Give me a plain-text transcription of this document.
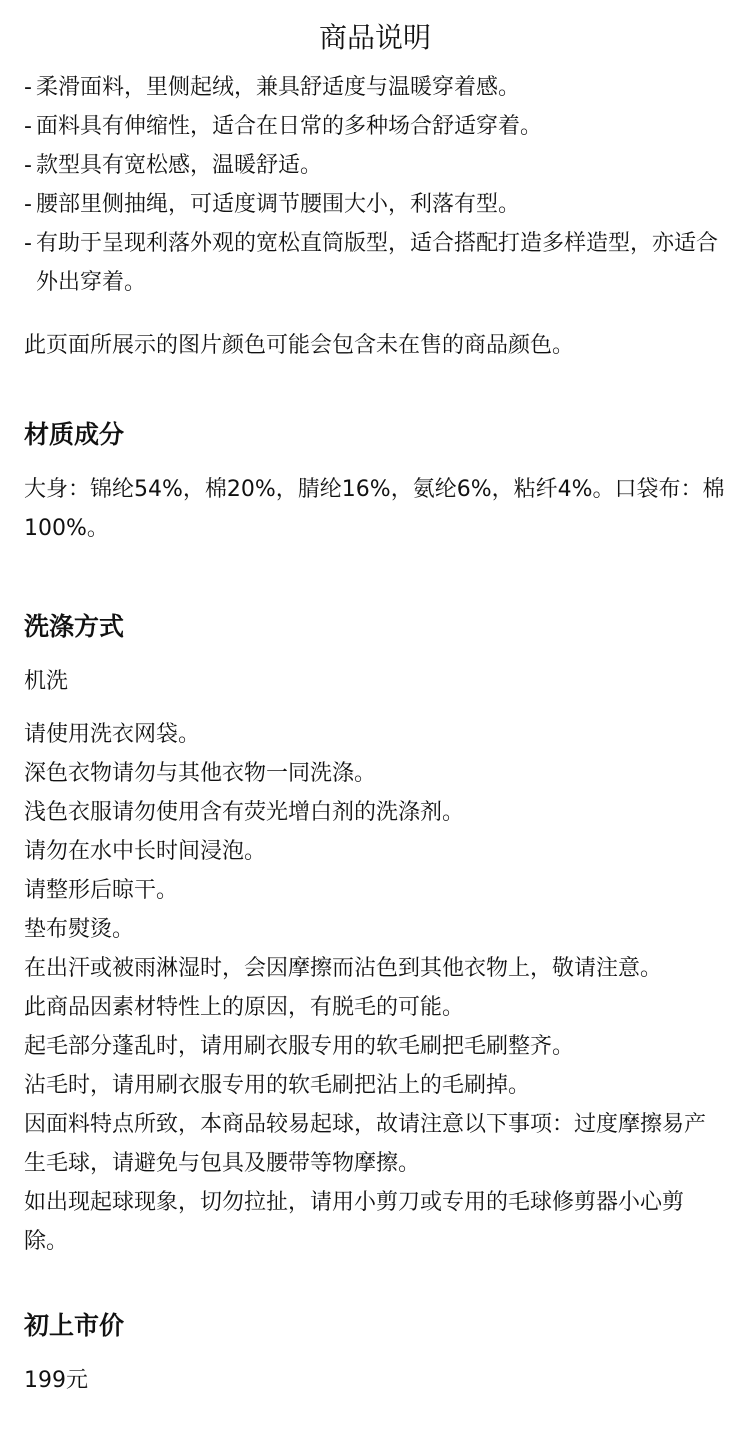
商品说明
- 柔滑面料，里侧起绒，兼具舒适度与温暖穿着感。
- 面料具有伸缩性，适合在日常的多种场合舒适穿着。
- 款型具有宽松感，温暖舒适。
- 腰部里侧抽绳，可适度调节腰围大小，利落有型。
- 有助于呈现利落外观的宽松直筒版型，适合搭配打造多样造型，亦适合外出穿着。

此页面所展示的图片颜色可能会包含未在售的商品颜色。

材质成分

大身：锦纶54%，棉20%，腈纶16%，氨纶6%，粘纤4%。口袋布：棉100%。

洗涤方式

机洗

请使用洗衣网袋。

深色衣物请勿与其他衣物一同洗涤。

浅色衣服请勿使用含有荧光增白剂的洗涤剂。

请勿在水中长时间浸泡。

请整形后晾干。

垫布熨烫。

在出汗或被雨淋湿时，会因摩擦而沾色到其他衣物上，敬请注意。

此商品因素材特性上的原因，有脱毛的可能。

起毛部分蓬乱时，请用刷衣服专用的软毛刷把毛刷整齐。

沾毛时，请用刷衣服专用的软毛刷把沾上的毛刷掉。

因面料特点所致，本商品较易起球，故请注意以下事项：过度摩擦易产生毛球，请避免与包具及腰带等物摩擦。

如出现起球现象，切勿拉扯，请用小剪刀或专用的毛球修剪器小心剪除。

初上市价

199元
